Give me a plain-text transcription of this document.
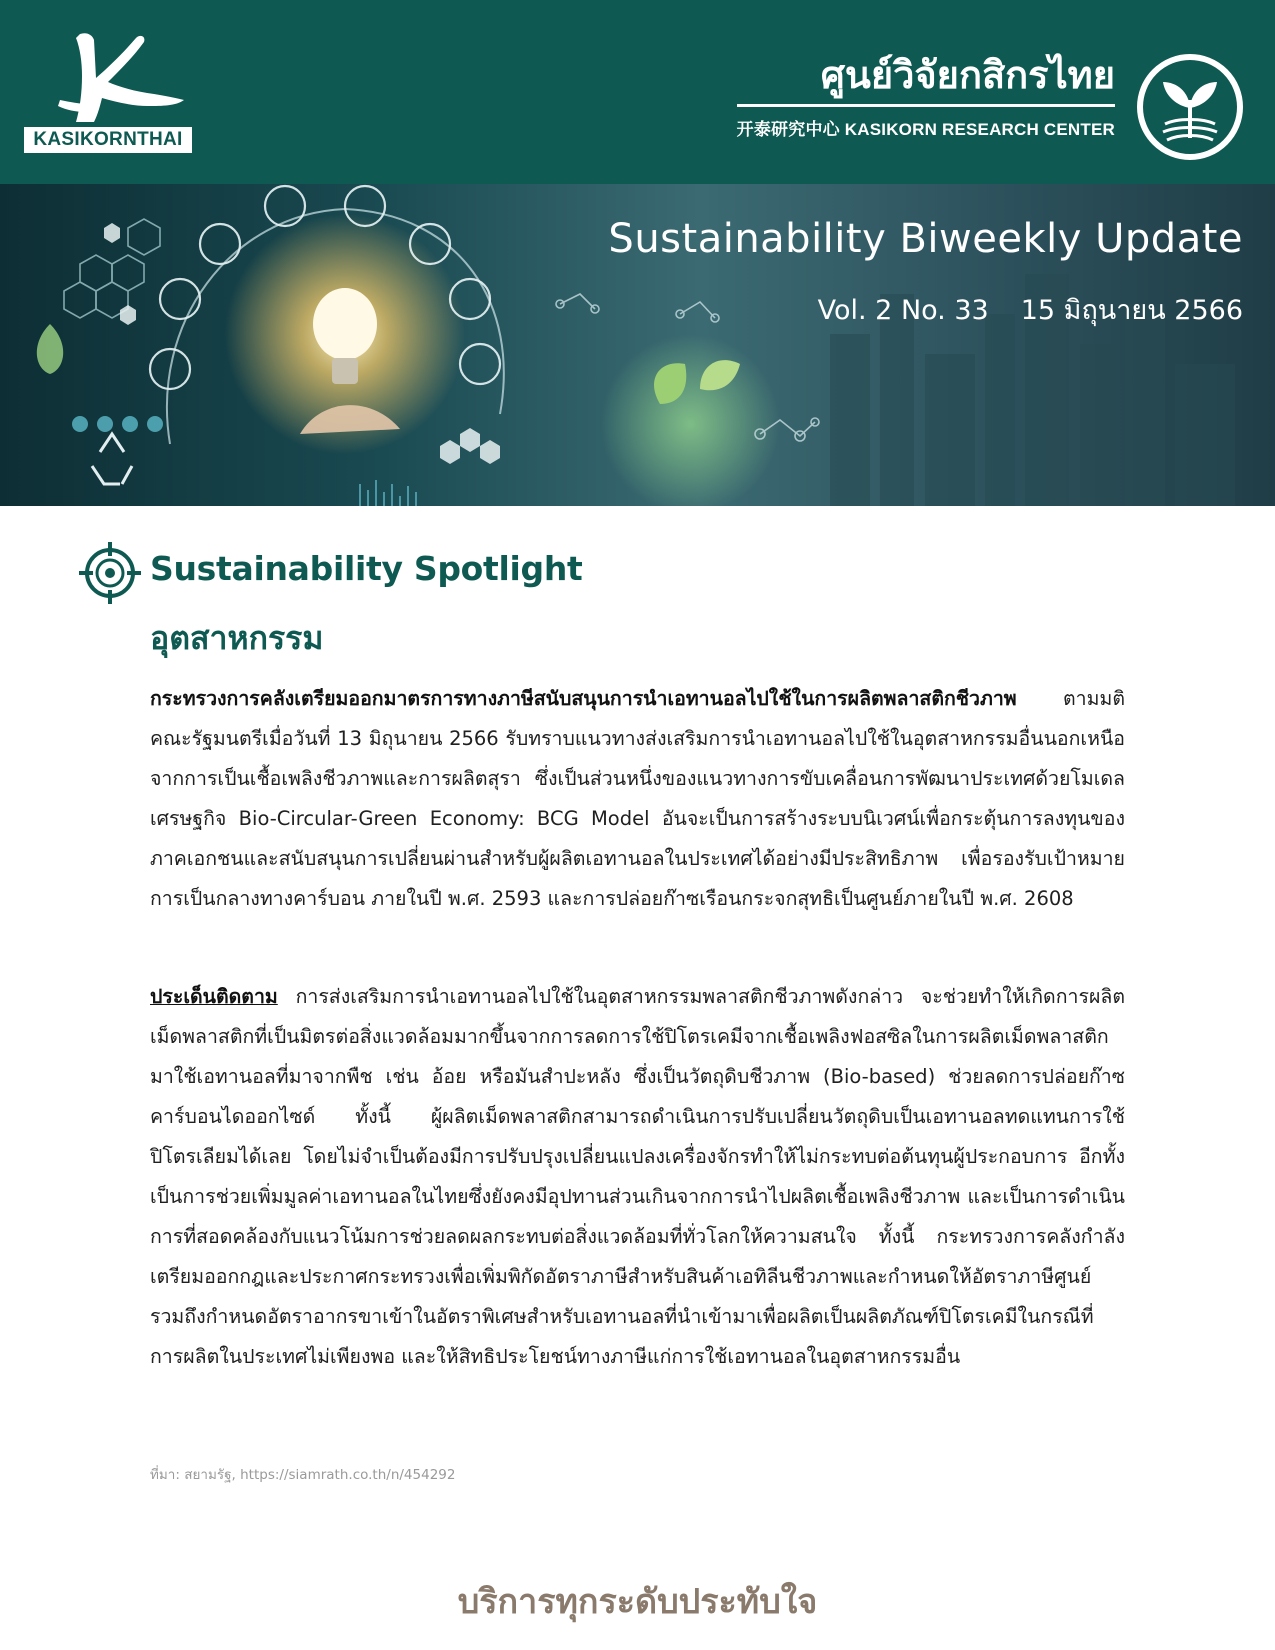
KASIKORNTHAI
ศูนย์วิจัยกสิกรไทย
开泰研究中心 KASIKORN RESEARCH CENTER
Sustainability Biweekly Update
Vol. 2 No. 33 15 มิถุนายน 2566
Sustainability Spotlight
อุตสาหกรรม

กระทรวงการคลังเตรียมออกมาตรการทางภาษีสนับสนุนการนำเอทานอลไปใช้ในการผลิตพลาสติกชีวภาพ ตามมติคณะรัฐมนตรีเมื่อวันที่ 13 มิถุนายน 2566 รับทราบแนวทางส่งเสริมการนำเอทานอลไปใช้ในอุตสาหกรรมอื่นนอกเหนือจากการเป็นเชื้อเพลิงชีวภาพและการผลิตสุรา ซึ่งเป็นส่วนหนึ่งของแนวทางการขับเคลื่อนการพัฒนาประเทศด้วยโมเดลเศรษฐกิจ Bio-Circular-Green Economy: BCG Model อันจะเป็นการสร้างระบบนิเวศน์เพื่อกระตุ้นการลงทุนของภาคเอกชนและสนับสนุนการเปลี่ยนผ่านสำหรับผู้ผลิตเอทานอลในประเทศได้อย่างมีประสิทธิภาพ เพื่อรองรับเป้าหมายการเป็นกลางทางคาร์บอน ภายในปี พ.ศ. 2593 และการปล่อยก๊าซเรือนกระจกสุทธิเป็นศูนย์ภายในปี พ.ศ. 2608

ประเด็นติดตาม การส่งเสริมการนำเอทานอลไปใช้ในอุตสาหกรรมพลาสติกชีวภาพดังกล่าว จะช่วยทำให้เกิดการผลิตเม็ดพลาสติกที่เป็นมิตรต่อสิ่งแวดล้อมมากขึ้นจากการลดการใช้ปิโตรเคมีจากเชื้อเพลิงฟอสซิลในการผลิตเม็ดพลาสติกมาใช้เอทานอลที่มาจากพืช เช่น อ้อย หรือมันสำปะหลัง ซึ่งเป็นวัตถุดิบชีวภาพ (Bio-based) ช่วยลดการปล่อยก๊าซคาร์บอนไดออกไซด์ ทั้งนี้ ผู้ผลิตเม็ดพลาสติกสามารถดำเนินการปรับเปลี่ยนวัตถุดิบเป็นเอทานอลทดแทนการใช้ปิโตรเลียมได้เลย โดยไม่จำเป็นต้องมีการปรับปรุงเปลี่ยนแปลงเครื่องจักรทำให้ไม่กระทบต่อต้นทุนผู้ประกอบการ อีกทั้งเป็นการช่วยเพิ่มมูลค่าเอทานอลในไทยซึ่งยังคงมีอุปทานส่วนเกินจากการนำไปผลิตเชื้อเพลิงชีวภาพ และเป็นการดำเนินการที่สอดคล้องกับแนวโน้มการช่วยลดผลกระทบต่อสิ่งแวดล้อมที่ทั่วโลกให้ความสนใจ ทั้งนี้ กระทรวงการคลังกำลังเตรียมออกกฎและประกาศกระทรวงเพื่อเพิ่มพิกัดอัตราภาษีสำหรับสินค้าเอทิลีนชีวภาพและกำหนดให้อัตราภาษีศูนย์ รวมถึงกำหนดอัตราอากรขาเข้าในอัตราพิเศษสำหรับเอทานอลที่นำเข้ามาเพื่อผลิตเป็นผลิตภัณฑ์ปิโตรเคมีในกรณีที่การผลิตในประเทศไม่เพียงพอ และให้สิทธิประโยชน์ทางภาษีแก่การใช้เอทานอลในอุตสาหกรรมอื่น

ที่มา: สยามรัฐ, https://siamrath.co.th/n/454292
บริการทุกระดับประทับใจ
